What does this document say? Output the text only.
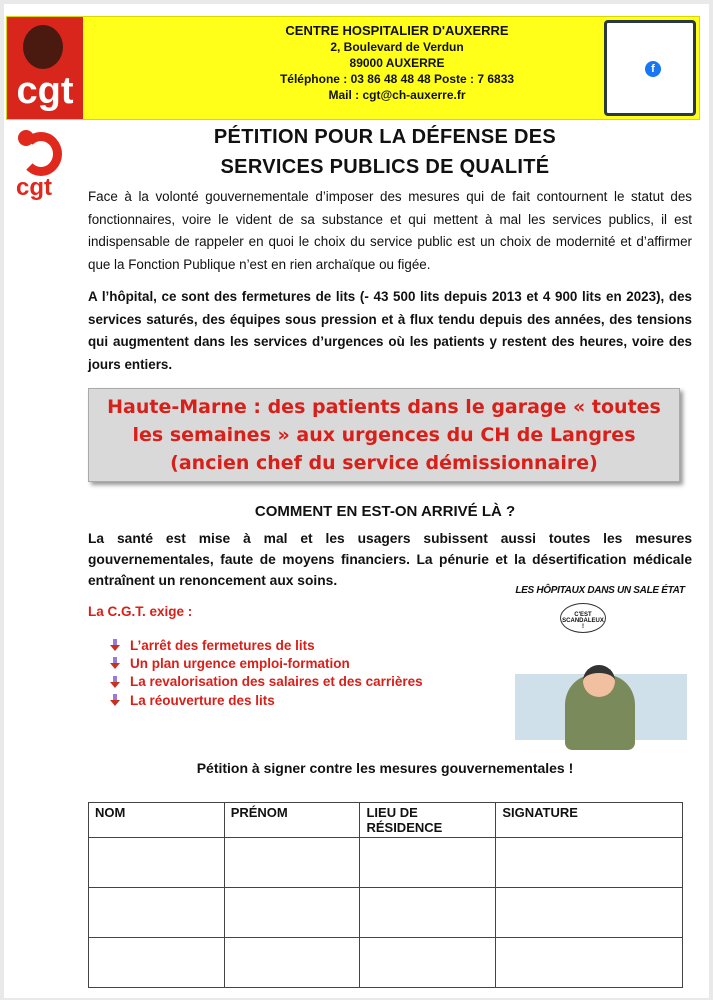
cgt
CENTRE HOSPITALIER D'AUXERRE
2, Boulevard de Verdun
89000 AUXERRE
Téléphone : 03 86 48 48 48 Poste : 7 6833
Mail : cgt@ch-auxerre.fr
f
cgt
PÉTITION POUR LA DÉFENSE DES
SERVICES PUBLICS DE QUALITÉ
Face à la volonté gouvernementale d’imposer des mesures qui de fait contournent le statut des fonctionnaires, voire le vident de sa substance et qui mettent à mal les services publics, il est indispensable de rappeler en quoi le choix du service public est un choix de modernité et d’affirmer que la Fonction Publique n’est en rien archaïque ou figée.
A l’hôpital, ce sont des fermetures de lits (- 43 500 lits depuis 2013 et 4 900 lits en 2023), des services saturés, des équipes sous pression et à flux tendu depuis des années, des tensions qui augmentent dans les services d’urgences où les patients y restent des heures, voire des jours entiers.
Haute-Marne : des patients dans le garage « toutes les semaines » aux urgences du CH de Langres (ancien chef du service démissionnaire)
COMMENT EN EST-ON ARRIVÉ LÀ ?
La santé est mise à mal et les usagers subissent aussi toutes les mesures gouvernementales, faute de moyens financiers. La pénurie et la désertification médicale entraînent un renoncement aux soins.
La C.G.T. exige :
L’arrêt des fermetures de lits
Un plan urgence emploi-formation
La revalorisation des salaires et des carrières
La réouverture des lits
LES HÔPITAUX DANS UN SALE ÉTAT
C'EST SCANDALEUX !
Pétition à signer contre les mesures gouvernementales !
NOM	PRÉNOM	LIEU DE RÉSIDENCE	SIGNATURE
